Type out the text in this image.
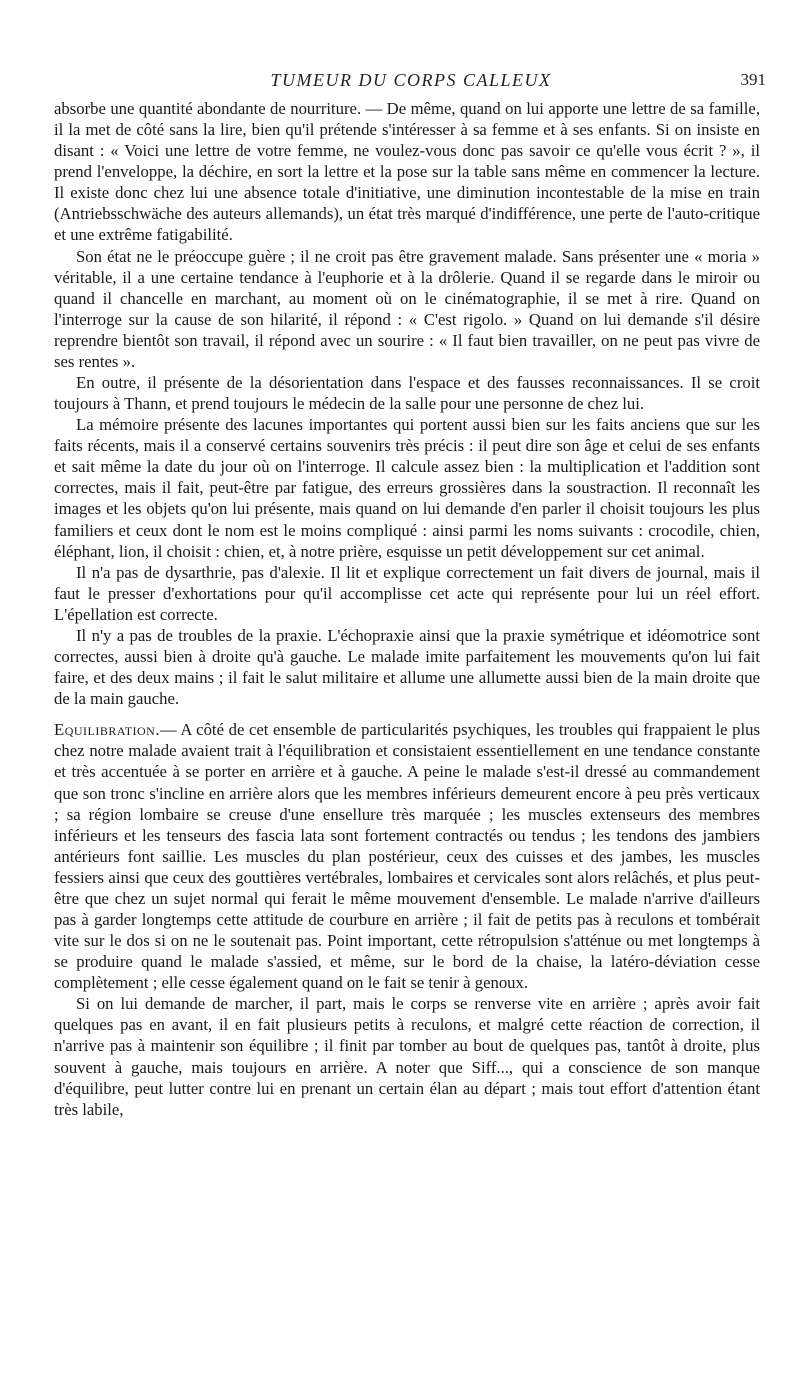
TUMEUR DU CORPS CALLEUX	391

absorbe une quantité abondante de nourriture. — De même, quand on lui apporte une lettre de sa famille, il la met de côté sans la lire, bien qu'il prétende s'intéresser à sa femme et à ses enfants. Si on insiste en disant : « Voici une lettre de votre femme, ne voulez-vous donc pas savoir ce qu'elle vous écrit ? », il prend l'enveloppe, la déchire, en sort la lettre et la pose sur la table sans même en commencer la lecture. Il existe donc chez lui une absence totale d'initiative, une diminution incontestable de la mise en train (Antriebsschwäche des auteurs allemands), un état très marqué d'indifférence, une perte de l'auto-critique et une extrême fatigabilité.

Son état ne le préoccupe guère ; il ne croit pas être gravement malade. Sans présenter une « moria » véritable, il a une certaine tendance à l'euphorie et à la drôlerie. Quand il se regarde dans le miroir ou quand il chancelle en marchant, au moment où on le cinématographie, il se met à rire. Quand on l'interroge sur la cause de son hilarité, il répond : « C'est rigolo. » Quand on lui demande s'il désire reprendre bientôt son travail, il répond avec un sourire : « Il faut bien travailler, on ne peut pas vivre de ses rentes ».

En outre, il présente de la désorientation dans l'espace et des fausses reconnaissances. Il se croit toujours à Thann, et prend toujours le médecin de la salle pour une personne de chez lui.

La mémoire présente des lacunes importantes qui portent aussi bien sur les faits anciens que sur les faits récents, mais il a conservé certains souvenirs très précis : il peut dire son âge et celui de ses enfants et sait même la date du jour où on l'interroge. Il calcule assez bien : la multiplication et l'addition sont correctes, mais il fait, peut-être par fatigue, des erreurs grossières dans la soustraction. Il reconnaît les images et les objets qu'on lui présente, mais quand on lui demande d'en parler il choisit toujours les plus familiers et ceux dont le nom est le moins compliqué : ainsi parmi les noms suivants : crocodile, chien, éléphant, lion, il choisit : chien, et, à notre prière, esquisse un petit développement sur cet animal.

Il n'a pas de dysarthrie, pas d'alexie. Il lit et explique correctement un fait divers de journal, mais il faut le presser d'exhortations pour qu'il accomplisse cet acte qui représente pour lui un réel effort. L'épellation est correcte.

Il n'y a pas de troubles de la praxie. L'échopraxie ainsi que la praxie symétrique et idéomotrice sont correctes, aussi bien à droite qu'à gauche. Le malade imite parfaitement les mouvements qu'on lui fait faire, et des deux mains ; il fait le salut militaire et allume une allumette aussi bien de la main droite que de la main gauche.

Equilibration.— A côté de cet ensemble de particularités psychiques, les troubles qui frappaient le plus chez notre malade avaient trait à l'équilibration et consistaient essentiellement en une tendance constante et très accentuée à se porter en arrière et à gauche. A peine le malade s'est-il dressé au commandement que son tronc s'incline en arrière alors que les membres inférieurs demeurent encore à peu près verticaux ; sa région lombaire se creuse d'une ensellure très marquée ; les muscles extenseurs des membres inférieurs et les tenseurs des fascia lata sont fortement contractés ou tendus ; les tendons des jambiers antérieurs font saillie. Les muscles du plan postérieur, ceux des cuisses et des jambes, les muscles fessiers ainsi que ceux des gouttières vertébrales, lombaires et cervicales sont alors relâchés, et plus peut-être que chez un sujet normal qui ferait le même mouvement d'ensemble. Le malade n'arrive d'ailleurs pas à garder longtemps cette attitude de courbure en arrière ; il fait de petits pas à reculons et tombérait vite sur le dos si on ne le soutenait pas. Point important, cette rétropulsion s'atténue ou met longtemps à se produire quand le malade s'assied, et même, sur le bord de la chaise, la latéro-déviation cesse complètement ; elle cesse également quand on le fait se tenir à genoux.

Si on lui demande de marcher, il part, mais le corps se renverse vite en arrière ; après avoir fait quelques pas en avant, il en fait plusieurs petits à reculons, et malgré cette réaction de correction, il n'arrive pas à maintenir son équilibre ; il finit par tomber au bout de quelques pas, tantôt à droite, plus souvent à gauche, mais toujours en arrière. A noter que Siff..., qui a conscience de son manque d'équilibre, peut lutter contre lui en prenant un certain élan au départ ; mais tout effort d'attention étant très labile,
